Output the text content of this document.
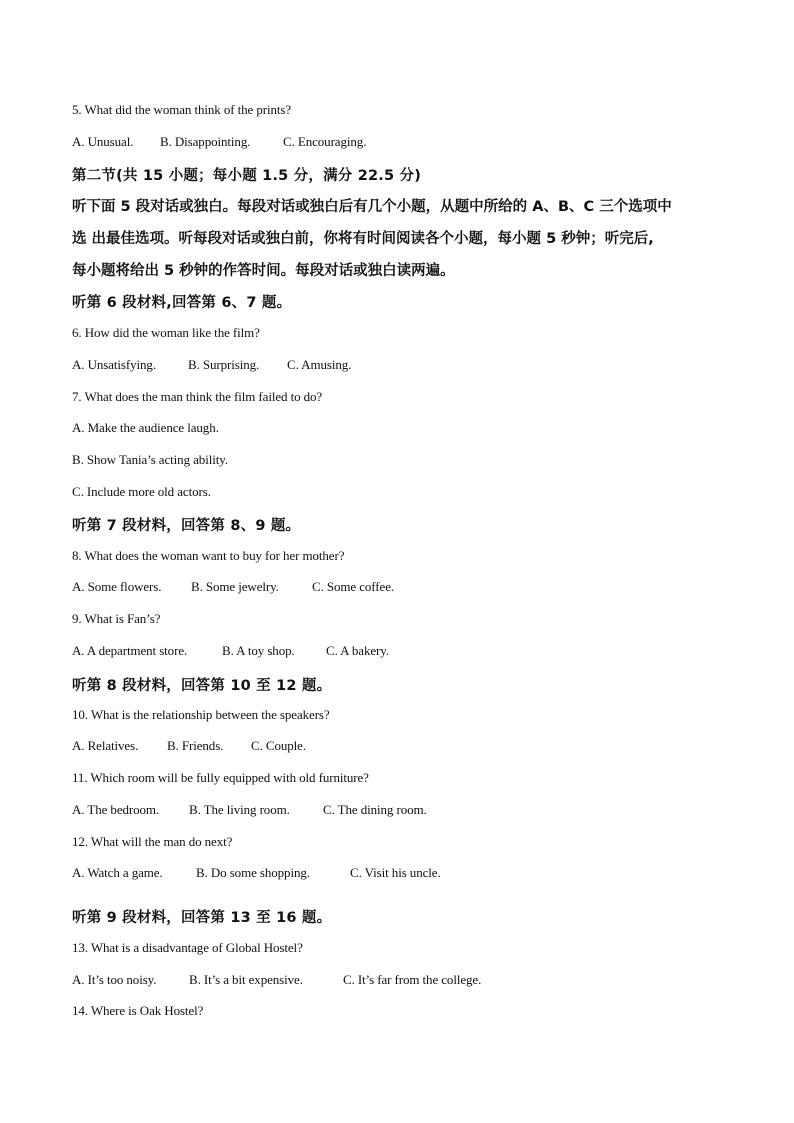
5. What did the woman think of the prints?
A. Unusual. B. Disappointing.	C. Encouraging.
第二节(共 15 小题；每小题 1.5 分，满分 22.5 分)
听下面 5 段对话或独白。每段对话或独白后有几个小题，从题中所给的 A、B、C 三个选项中
选 出最佳选项。听每段对话或独白前，你将有时间阅读各个小题，每小题 5 秒钟；听完后,
每小题将给出 5 秒钟的作答时间。每段对话或独白读两遍。
听第 6 段材料,回答第 6、7 题。
6. How did the woman like the film?
A. Unsatisfying. B. Surprising. C. Amusing.
7. What does the man think the film failed to do?
A. Make the audience laugh.
B. Show Tania’s acting ability.
C. Include more old actors.
听第 7 段材料，回答第 8、9 题。
8. What does the woman want to buy for her mother?
A. Some flowers. B. Some jewelry.	C. Some coffee.
9. What is Fan’s?
A. A department store.	B. A toy shop. C. A bakery.
听第 8 段材料，回答第 10 至 12 题。
10. What is the relationship between the speakers?
A. Relatives. B. Friends. C. Couple.
11. Which room will be fully equipped with old furniture?
A. The bedroom. B. The living room.	C. The dining room.
12. What will the man do next?
A. Watch a game.	B. Do some shopping.	C. Visit his uncle.
听第 9 段材料，回答第 13 至 16 题。
13. What is a disadvantage of Global Hostel?
A. It’s too noisy.	B. It’s a bit expensive.	C. It’s far from the college.
14. Where is Oak Hostel?
